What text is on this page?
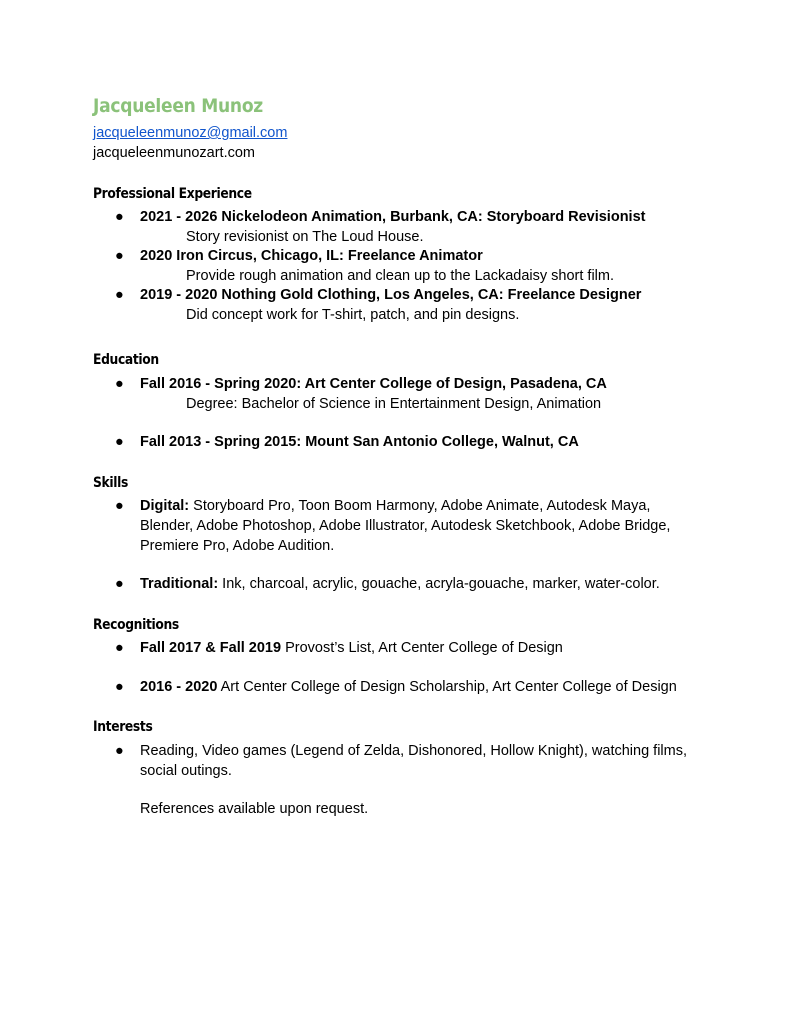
Jacqueleen Munoz
jacqueleenmunoz@gmail.com

jacqueleenmunozart.com

Professional Experience
● 2021 - 2026 Nickelodeon Animation, Burbank, CA: Storyboard Revisionist
Story revisionist on The Loud House.
● 2020 Iron Circus, Chicago, IL: Freelance Animator
Provide rough animation and clean up to the Lackadaisy short film.
● 2019 - 2020 Nothing Gold Clothing, Los Angeles, CA: Freelance Designer
Did concept work for T-shirt, patch, and pin designs.
Education
● Fall 2016 - Spring 2020: Art Center College of Design, Pasadena, CA
Degree: Bachelor of Science in Entertainment Design, Animation
● Fall 2013 - Spring 2015: Mount San Antonio College, Walnut, CA
Skills
● Digital: Storyboard Pro, Toon Boom Harmony, Adobe Animate, Autodesk Maya,
Blender, Adobe Photoshop, Adobe Illustrator, Autodesk Sketchbook, Adobe Bridge,
Premiere Pro, Adobe Audition.
● Traditional: Ink, charcoal, acrylic, gouache, acryla-gouache, marker, water-color.
Recognitions
● Fall 2017 & Fall 2019 Provost’s List, Art Center College of Design
● 2016 - 2020 Art Center College of Design Scholarship, Art Center College of Design
Interests
● Reading, Video games (Legend of Zelda, Dishonored, Hollow Knight), watching films,
social outings.
References available upon request.
